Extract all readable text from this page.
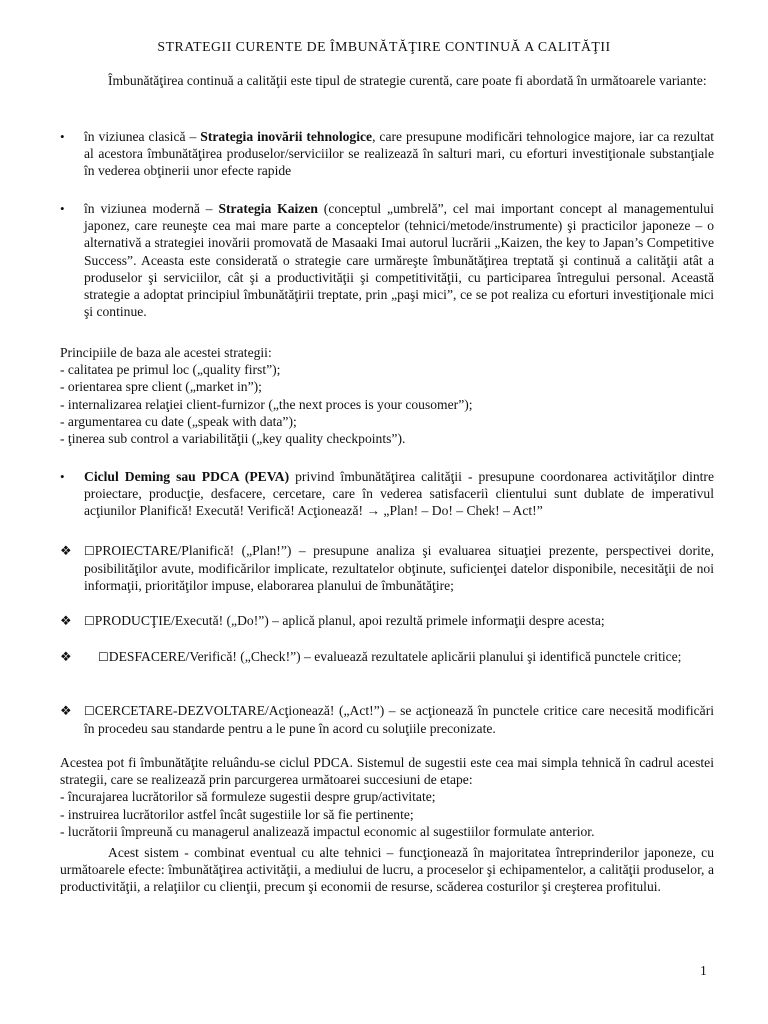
STRATEGII CURENTE DE ÎMBUNĂTĂŢIRE CONTINUĂ A CALITĂŢII
Îmbunătăţirea continuă a calităţii este tipul de strategie curentă, care poate fi abordată în următoarele variante:
•	în viziunea clasică – Strategia inovării tehnologice, care presupune modificări tehnologice majore, iar ca rezultat al acestora îmbunătăţirea produselor/serviciilor se realizează în salturi mari, cu eforturi investiţionale substanţiale în vederea obţinerii unor efecte rapide
•	în viziunea modernă – Strategia Kaizen (conceptul „umbrelă”, cel mai important concept al managementului japonez, care reuneşte cea mai mare parte a conceptelor (tehnici/metode/instrumente) şi practicilor japoneze – o alternativă a strategiei inovării promovată de Masaaki Imai autorul lucrării „Kaizen, the key to Japan’s Competitive Success”. Aceasta este considerată o strategie care urmăreşte îmbunătăţirea treptată şi continuă a calităţii atât a produselor şi serviciilor, cât şi a productivităţii şi competitivităţii, cu participarea întregului personal. Această strategie a adoptat principiul îmbunătăţirii treptate, prin „paşi mici”, ce se pot realiza cu eforturi investiţionale mici şi continue.
Principiile de baza ale acestei strategii:
- calitatea pe primul loc („quality first”);
- orientarea spre client („market in”);
- internalizarea relaţiei client-furnizor („the next proces is your cousomer”);
- argumentarea cu date („speak with data”);
- ţinerea sub control a variabilităţii („key quality checkpoints”).
•	Ciclul Deming sau PDCA (PEVA) privind îmbunătăţirea calităţii - presupune coordonarea activităţilor dintre proiectare, producţie, desfacere, cercetare, care în vederea satisfaceriì clientului sunt dublate de imperativul acţiunilor Planifică! Execută! Verifică! Acţionează! → „Plan! – Do! – Chek! – Act!”
❖	☐PROIECTARE/Planifică! („Plan!”) – presupune analiza şi evaluarea situaţiei prezente, perspectivei dorite, posibilităţilor avute, modificărilor implicate, rezultatelor obţinute, suficienţei datelor disponibile, necesităţii de noi informaţii, priorităţilor impuse, elaborarea planului de îmbunătăţire;
❖	☐PRODUCŢIE/Execută! („Do!”) – aplică planul, apoi rezultă primele informaţii despre acesta;
❖	☐DESFACERE/Verifică! („Check!”) – evaluează rezultatele aplicării planului şi identifică punctele critice;
❖	☐CERCETARE-DEZVOLTARE/Acţionează! („Act!”) – se acţionează în punctele critice care necesită modificări în procedeu sau standarde pentru a le pune în acord cu soluţiile preconizate.
Acestea pot fi îmbunătăţite reluându-se ciclul PDCA. Sistemul de sugestii este cea mai simpla tehnică în cadrul acestei strategii, care se realizează prin parcurgerea următoarei succesiuni de etape:
- încurajarea lucrătorilor să formuleze sugestii despre grup/activitate;
- instruirea lucrătorilor astfel încât sugestiile lor să fie pertinente;
- lucrătorii împreună cu managerul analizează impactul economic al sugestiilor formulate anterior.
Acest sistem - combinat eventual cu alte tehnici – funcţionează în majoritatea întreprinderilor japoneze, cu următoarele efecte: îmbunătăţirea activităţii, a mediului de lucru, a proceselor şi echipamentelor, a calităţii produselor, a productivităţii, a relaţiilor cu clienţii, precum şi economii de resurse, scăderea costurilor şi creşterea profitului.
1
